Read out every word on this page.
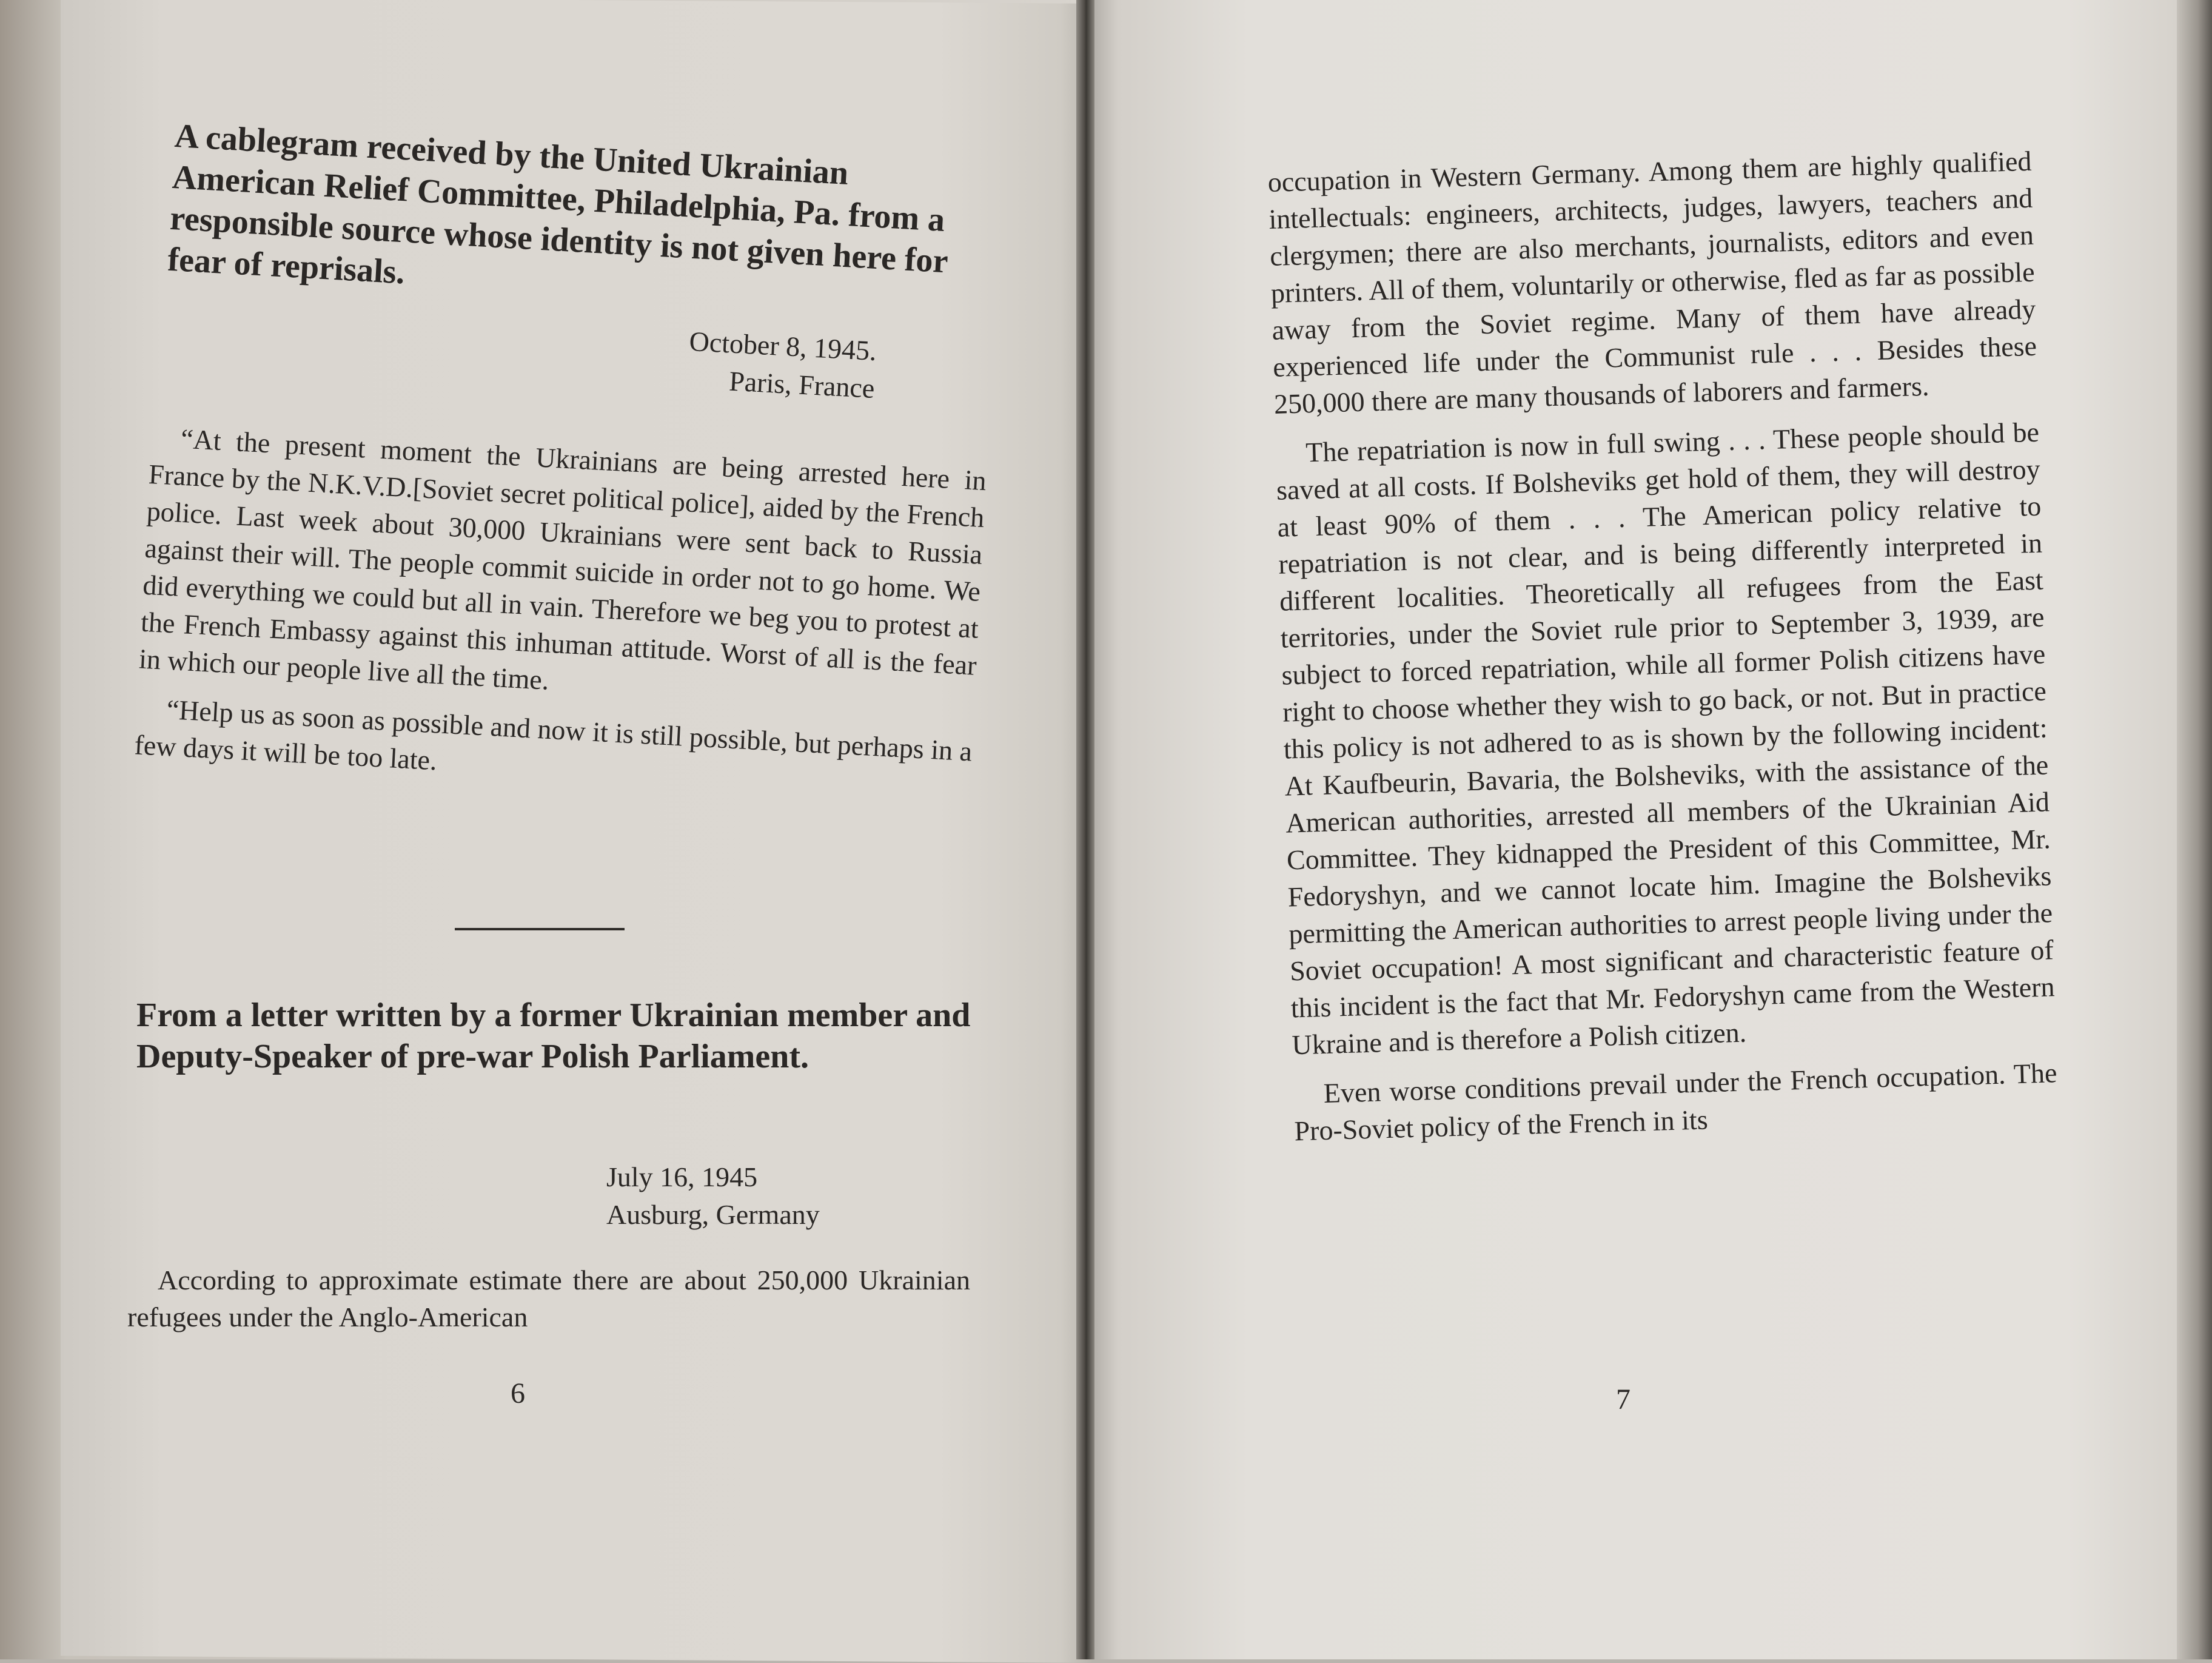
A cablegram received by the United Ukrainian American Relief Committee, Philadelphia, Pa. from a responsible source whose identity is not given here for fear of reprisals.

October 8, 1945.

Paris, France

“At the present moment the Ukrainians are being arrested here in France by the N.K.V.D.[Soviet secret political police], aided by the French police. Last week about 30,000 Ukrainians were sent back to Russia against their will. The people commit suicide in order not to go home. We did everything we could but all in vain. Therefore we beg you to protest at the French Embassy against this inhuman attitude. Worst of all is the fear in which our people live all the time.

“Help us as soon as possible and now it is still possible, but perhaps in a few days it will be too late.

From a letter written by a former Ukrainian member and Deputy-Speaker of pre-war Polish Parliament.

July 16, 1945

Ausburg, Germany

According to approximate estimate there are about 250,000 Ukrainian refugees under the Anglo-American

6

occupation in Western Germany. Among them are highly qualified intellectuals: engineers, architects, judges, lawyers, teachers and clergymen; there are also merchants, journalists, editors and even printers. All of them, voluntarily or otherwise, fled as far as possible away from the Soviet regime. Many of them have already experienced life under the Communist rule . . . Besides these 250,000 there are many thousands of laborers and farmers.

The repatriation is now in full swing . . . These people should be saved at all costs. If Bolsheviks get hold of them, they will destroy at least 90% of them . . . The American policy relative to repatriation is not clear, and is being differently interpreted in different localities. Theoretically all refugees from the East territories, under the Soviet rule prior to September 3, 1939, are subject to forced repatriation, while all former Polish citizens have right to choose whether they wish to go back, or not. But in practice this policy is not adhered to as is shown by the following incident: At Kaufbeurin, Bavaria, the Bolsheviks, with the assistance of the American authorities, arrested all members of the Ukrainian Aid Committee. They kidnapped the President of this Committee, Mr. Fedoryshyn, and we cannot locate him. Imagine the Bolsheviks permitting the American authorities to arrest people living under the Soviet occupation! A most significant and characteristic feature of this incident is the fact that Mr. Fedoryshyn came from the Western Ukraine and is therefore a Polish citizen.

Even worse conditions prevail under the French occupation. The Pro-Soviet policy of the French in its

7
